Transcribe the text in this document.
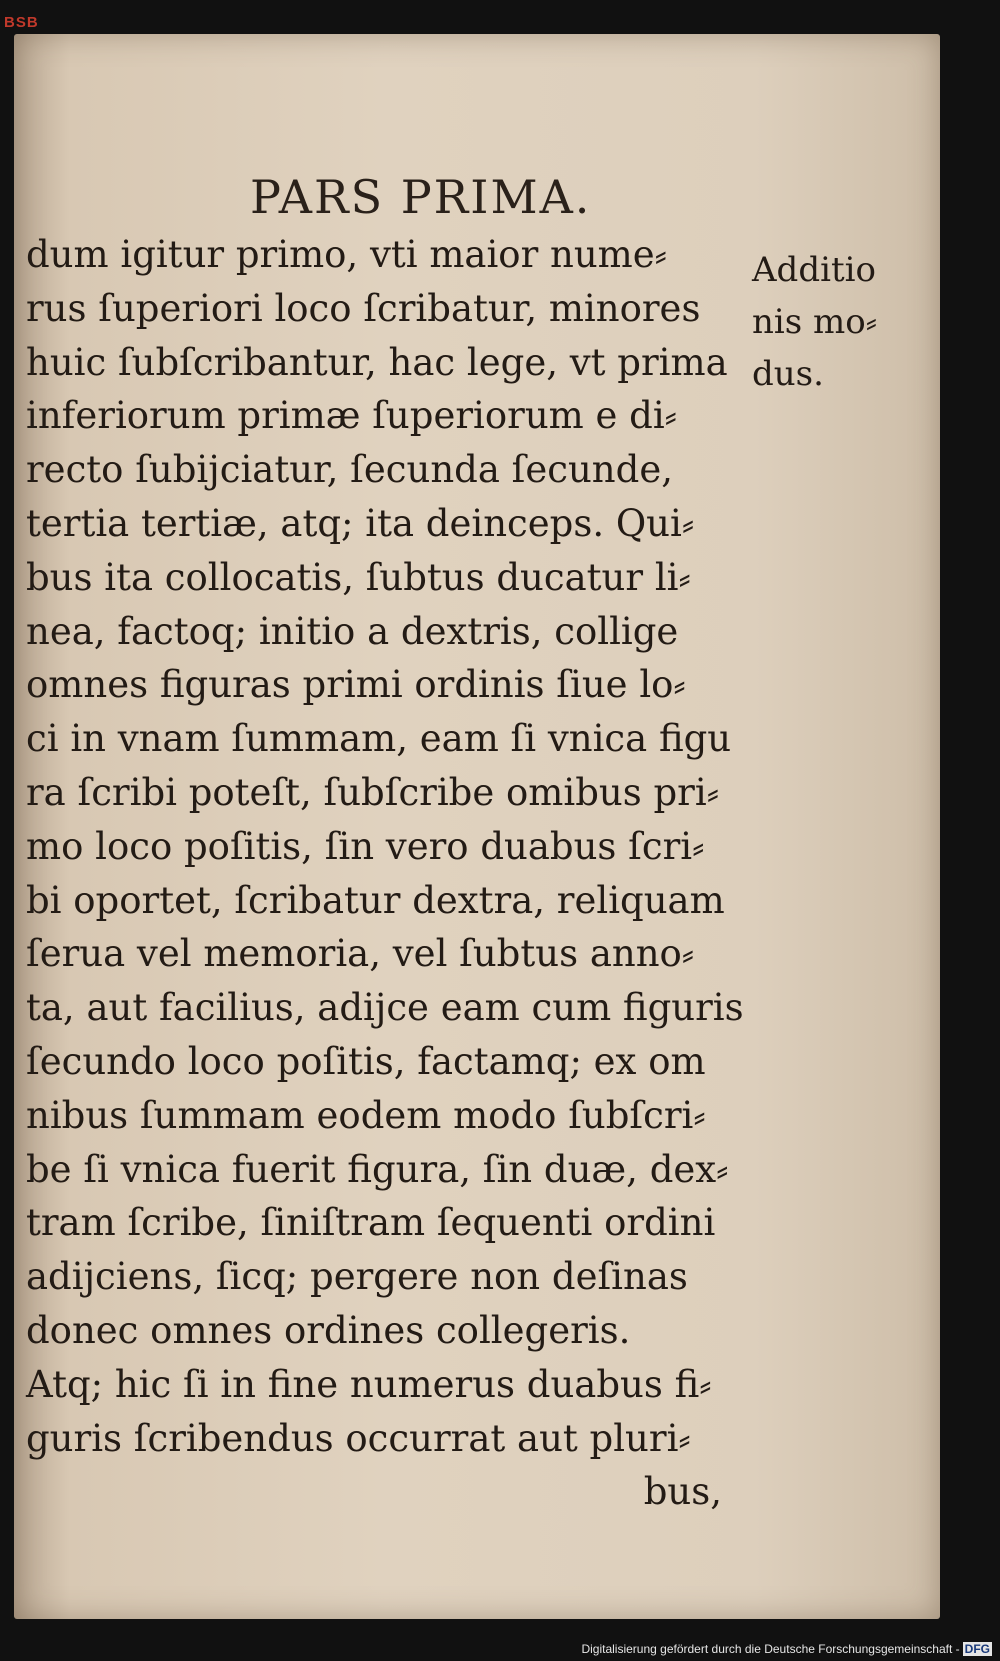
BSB
PARS PRIMA.
dum igitur primo, vti maior nume⸗
rus ſuperiori loco ſcribatur, minores
huic ſubſcribantur, hac lege, vt prima
inferiorum primæ ſuperiorum e di⸗
recto ſubijciatur, ſecunda ſecunde,
tertia tertiæ, atq; ita deinceps. Qui⸗
bus ita collocatis, ſubtus ducatur li⸗
nea, factoq; initio a dextris, collige
omnes figuras primi ordinis ſiue lo⸗
ci in vnam ſummam, eam ſi vnica figu
ra ſcribi poteſt, ſubſcribe omibus pri⸗
mo loco poſitis, ſin vero duabus ſcri⸗
bi oportet, ſcribatur dextra, reliquam
ſerua vel memoria, vel ſubtus anno⸗
ta, aut facilius, adijce eam cum figuris
ſecundo loco poſitis, factamq; ex om
nibus ſummam eodem modo ſubſcri⸗
be ſi vnica fuerit figura, ſin duæ, dex⸗
tram ſcribe, ſiniſtram ſequenti ordini
adijciens, ſicq; pergere non deſinas
donec omnes ordines collegeris.
Atq; hic ſi in fine numerus duabus fi⸗
guris ſcribendus occurrat aut pluri⸗
bus,
Additio
nis mo⸗
dus.
Digitalisierung gefördert durch die Deutsche Forschungsgemeinschaft - DFG
